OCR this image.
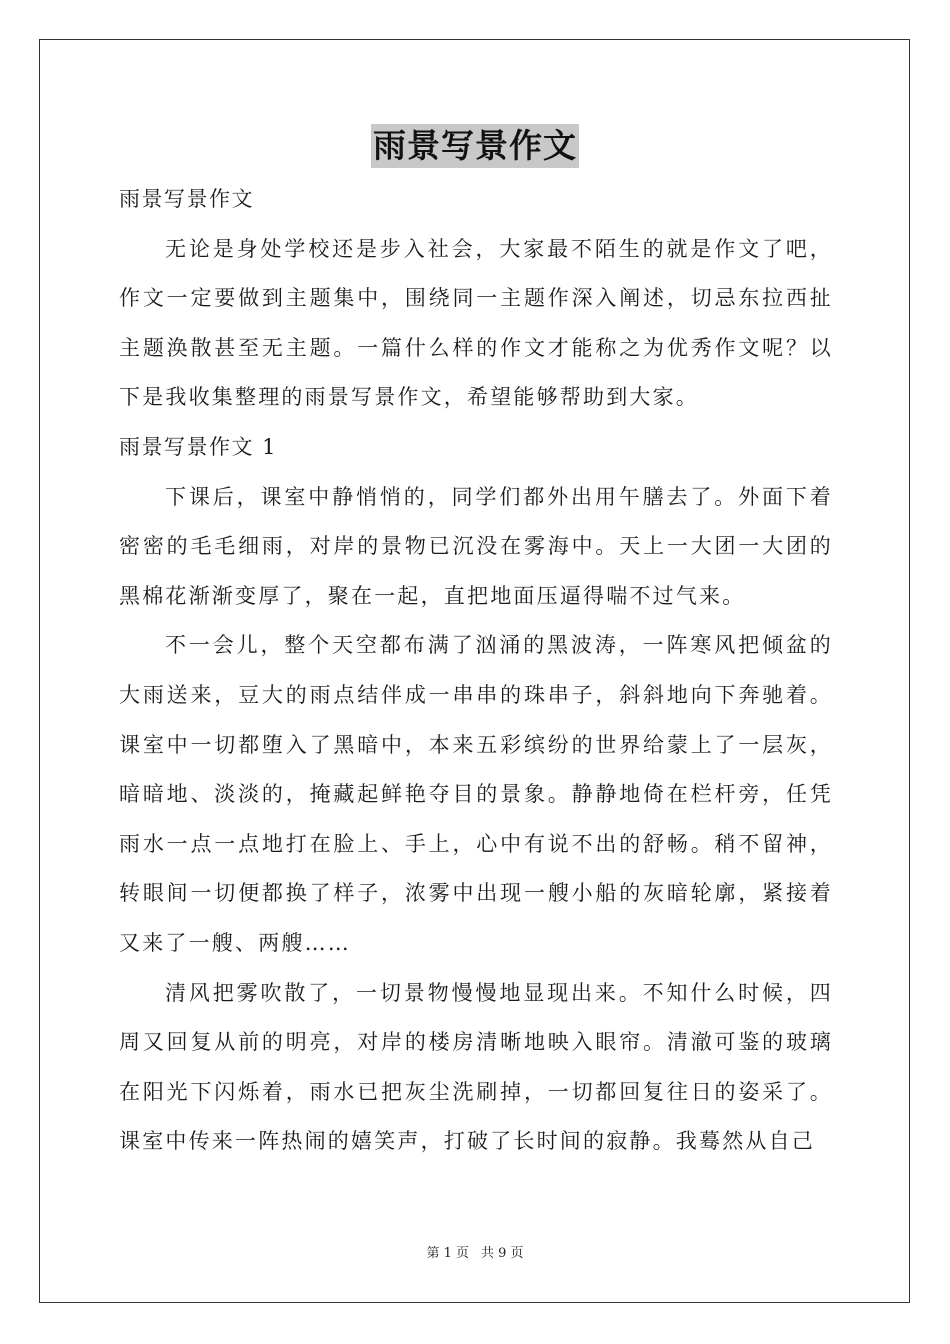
雨景写景作文

雨景写景作文

无论是身处学校还是步入社会，大家最不陌生的就是作文了吧，作文一定要做到主题集中，围绕同一主题作深入阐述，切忌东拉西扯主题涣散甚至无主题。一篇什么样的作文才能称之为优秀作文呢？以下是我收集整理的雨景写景作文，希望能够帮助到大家。

雨景写景作文 1

下课后，课室中静悄悄的，同学们都外出用午膳去了。外面下着密密的毛毛细雨，对岸的景物已沉没在雾海中。天上一大团一大团的黑棉花渐渐变厚了，聚在一起，直把地面压逼得喘不过气来。

不一会儿，整个天空都布满了汹涌的黑波涛，一阵寒风把倾盆的大雨送来，豆大的雨点结伴成一串串的珠串子，斜斜地向下奔驰着。课室中一切都堕入了黑暗中，本来五彩缤纷的世界给蒙上了一层灰，暗暗地、淡淡的，掩藏起鲜艳夺目的景象。静静地倚在栏杆旁，任凭雨水一点一点地打在脸上、手上，心中有说不出的舒畅。稍不留神，转眼间一切便都换了样子，浓雾中出现一艘小船的灰暗轮廓，紧接着又来了一艘、两艘……

清风把雾吹散了，一切景物慢慢地显现出来。不知什么时候，四周又回复从前的明亮，对岸的楼房清晰地映入眼帘。清澈可鉴的玻璃在阳光下闪烁着，雨水已把灰尘洗刷掉，一切都回复往日的姿采了。课室中传来一阵热闹的嬉笑声，打破了长时间的寂静。我蓦然从自己

第 1 页 共 9 页
